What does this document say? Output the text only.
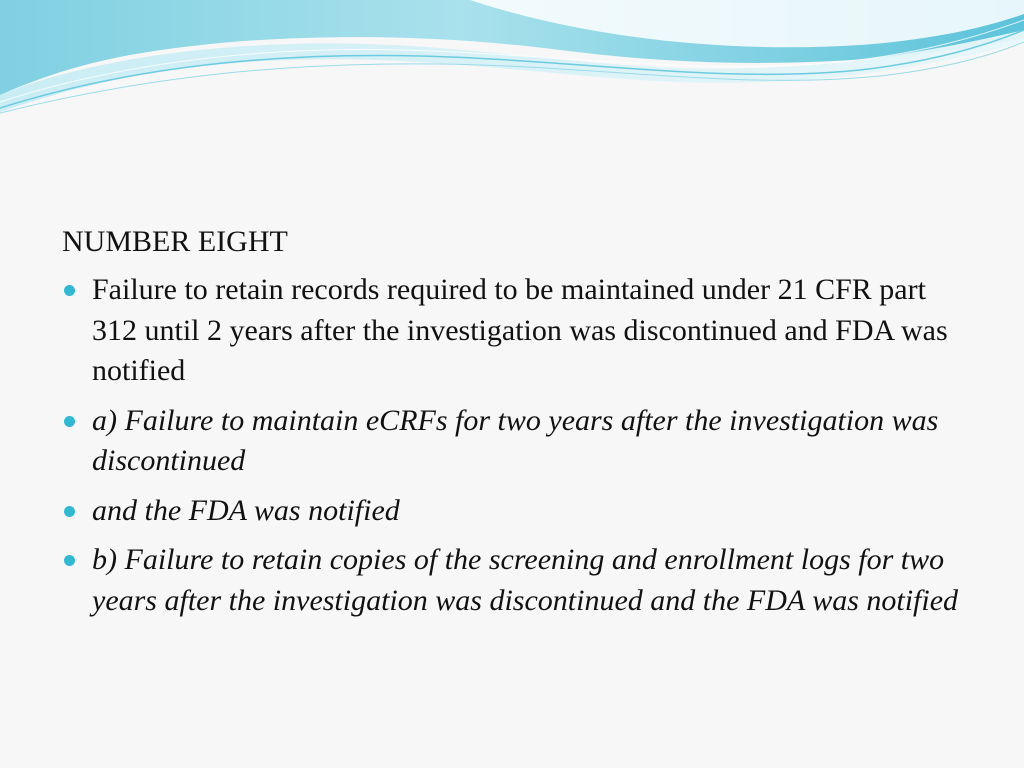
NUMBER EIGHT
Failure to retain records required to be maintained under 21 CFR part 312 until 2 years after the investigation was discontinued and FDA was notified
a) Failure to maintain eCRFs for two years after the investigation was discontinued
and the FDA was notified
b) Failure to retain copies of the screening and enrollment logs for two years after the investigation was discontinued and the FDA was notified
